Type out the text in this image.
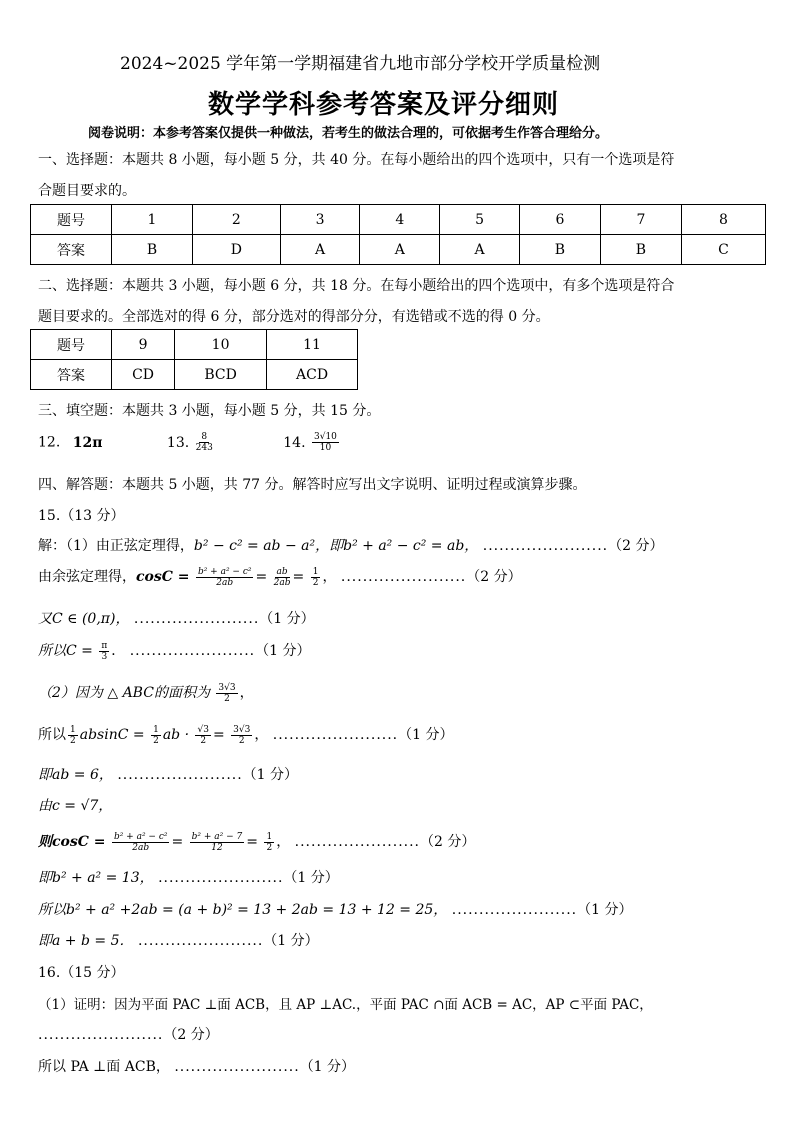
2024~2025 学年第一学期福建省九地市部分学校开学质量检测
数学学科参考答案及评分细则
阅卷说明：本参考答案仅提供一种做法，若考生的做法合理的，可依据考生作答合理给分。
一、选择题：本题共 8 小题，每小题 5 分，共 40 分。在每小题给出的四个选项中，只有一个选项是符
合题目要求的。
题号	1	2	3	4	5	6	7	8
答案	B	D	A	A	A	B	B	C
二、选择题：本题共 3 小题，每小题 6 分，共 18 分。在每小题给出的四个选项中，有多个选项是符合
题目要求的。全部选对的得 6 分，部分选对的得部分分，有选错或不选的得 0 分。
题号	9	10	11
答案	CD	BCD	ACD
三、填空题：本题共 3 小题，每小题 5 分，共 15 分。
12. 12π	13. $\frac{8}{243}$	14. $\frac{3√10}{10}$
四、解答题：本题共 5 小题，共 77 分。解答时应写出文字说明、证明过程或演算步骤。
15.（13 分）
解：（1）由正弦定理得，b² − c² = ab − a²，即b² + a² − c² = ab， .......................（2 分）
由余弦定理得，$\cos C = \frac{\text{b² + a² − c²}}{2ab} = \frac{ab}{2ab} = \frac{1}{2}$ ， .......................（2 分）
又C ∈ (0,π)， .......................（1 分）
所以$C = \frac{\pi}{3}$ ． .......................（1 分）
（2）因为 △ ABC的面积为 $\frac{3√3}{2}$ ，
所以 $\frac{1}{2}$ $absinC = \frac{1}{2}$ ab · $\frac{√3}{2} = \frac{3√3}{2}$ ， .......................（1 分）
即ab = 6， .......................（1 分）
由c = √7，
则$\cos C = \frac{\text{b² + a² − c²}}{2ab} = \frac{\text{b² + a² − 7}}{12} = \frac{1}{2}$ ， .......................（2 分）
即b² + a² = 13， .......................（1 分）
所以b² + a² +2ab = (a + b)² = 13 + 2ab = 13 + 12 = 25， .......................（1 分）
即a + b = 5． .......................（1 分）
16.（15 分）
（1）证明：因为平面 PAC ⊥面 ACB，且 AP ⊥AC.，平面 PAC ∩面 ACB = AC，AP ⊂平面 PAC，
.......................（2 分）
所以 PA ⊥面 ACB， .......................（1 分）
